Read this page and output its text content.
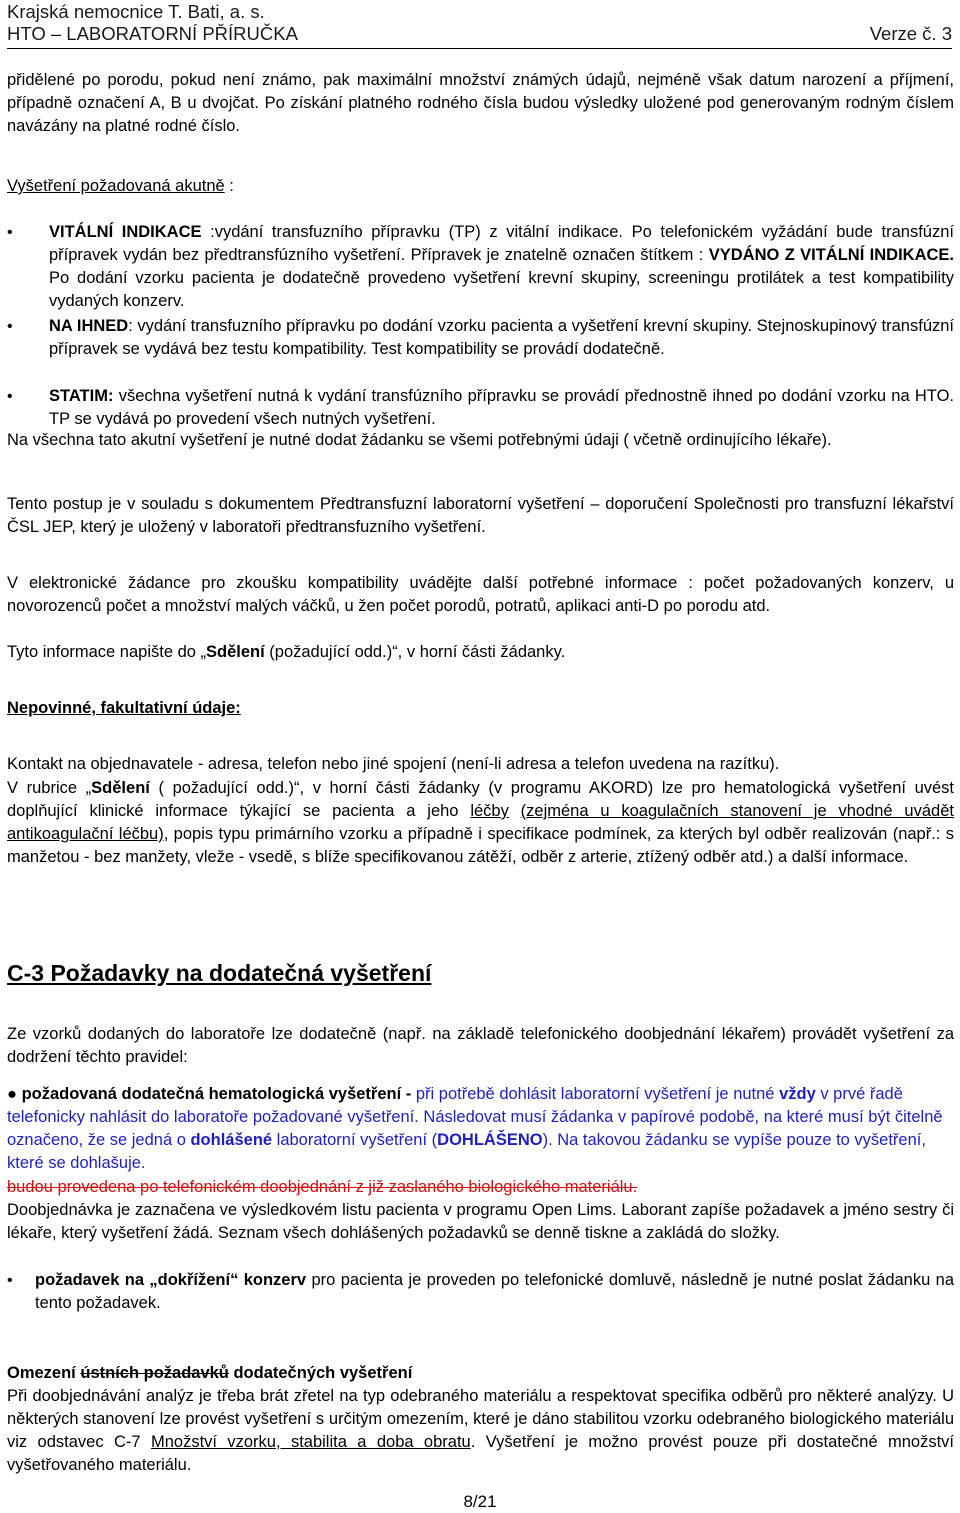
Krajská nemocnice T. Bati, a. s.
HTO – LABORATORNÍ PŘÍRUČKA	Verze č. 3
přidělené po porodu, pokud není známo, pak maximální množství známých údajů, nejméně však datum narození a příjmení, případně označení A, B u dvojčat. Po získání platného rodného čísla budou výsledky uložené pod generovaným rodným číslem navázány na platné rodné číslo.
Vyšetření požadovaná akutně :
•	VITÁLNÍ INDIKACE :vydání transfuzního přípravku (TP) z vitální indikace. Po telefonickém vyžádání bude transfúzní přípravek vydán bez předtransfúzního vyšetření. Přípravek je znatelně označen štítkem : VYDÁNO Z VITÁLNÍ INDIKACE. Po dodání vzorku pacienta je dodatečně provedeno vyšetření krevní skupiny, screeningu protilátek a test kompatibility vydaných konzerv.
•	NA IHNED: vydání transfuzního přípravku po dodání vzorku pacienta a vyšetření krevní skupiny. Stejnoskupinový transfúzní přípravek se vydává bez testu kompatibility. Test kompatibility se provádí dodatečně.
•	STATIM: všechna vyšetření nutná k vydání transfúzního přípravku se provádí přednostně ihned po dodání vzorku na HTO. TP se vydává po provedení všech nutných vyšetření.
Na všechna tato akutní vyšetření je nutné dodat žádanku se všemi potřebnými údaji ( včetně ordinujícího lékaře).
Tento postup je v souladu s dokumentem Předtransfuzní laboratorní vyšetření – doporučení Společnosti pro transfuzní lékařství ČSL JEP, který je uložený v laboratoři předtransfuzního vyšetření.
V elektronické žádance pro zkoušku kompatibility uvádějte další potřebné informace : počet požadovaných konzerv, u novorozenců počet a množství malých váčků, u žen počet porodů, potratů, aplikaci anti-D po porodu atd.
Tyto informace napište do „Sdělení (požadující odd.)“, v horní části žádanky.
Nepovinné, fakultativní údaje:
Kontakt na objednavatele - adresa, telefon nebo jiné spojení (není-li adresa a telefon uvedena na razítku).
V rubrice „Sdělení ( požadující odd.)“, v horní části žádanky (v programu AKORD) lze pro hematologická vyšetření uvést doplňující klinické informace týkající se pacienta a jeho léčby (zejména u koagulačních stanovení je vhodné uvádět antikoagulační léčbu), popis typu primárního vzorku a případně i specifikace podmínek, za kterých byl odběr realizován (např.: s manžetou - bez manžety, vleže - vsedě, s blíže specifikovanou zátěží, odběr z arterie, ztížený odběr atd.) a další informace.
C-3 Požadavky na dodatečná vyšetření
Ze vzorků dodaných do laboratoře lze dodatečně (např. na základě telefonického doobjednání lékařem) provádět vyšetření za dodržení těchto pravidel:
● požadovaná dodatečná hematologická vyšetření - při potřebě dohlásit laboratorní vyšetření je nutné vždy v prvé řadě telefonicky nahlásit do laboratoře požadované vyšetření. Následovat musí žádanka v papírové podobě, na které musí být čitelně označeno, že se jedná o dohlášené laboratorní vyšetření (DOHLÁŠENO). Na takovou žádanku se vypíše pouze to vyšetření, které se dohlašuje.
budou provedena po telefonickém doobjednání z již zaslaného biologického materiálu.
Doobjednávka je zaznačena ve výsledkovém listu pacienta v programu Open Lims. Laborant zapíše požadavek a jméno sestry či lékaře, který vyšetření žádá. Seznam všech dohlášených požadavků se denně tiskne a zakládá do složky.
•	požadavek na „dokřížení“ konzerv pro pacienta je proveden po telefonické domluvě, následně je nutné poslat žádanku na tento požadavek.
Omezení ústních požadavků dodatečných vyšetření
Při doobjednávání analýz je třeba brát zřetel na typ odebraného materiálu a respektovat specifika odběrů pro některé analýzy. U některých stanovení lze provést vyšetření s určitým omezením, které je dáno stabilitou vzorku odebraného biologického materiálu viz odstavec C-7 Množství vzorku, stabilita a doba obratu. Vyšetření je možno provést pouze při dostatečné množství vyšetřovaného materiálu.
8/21
